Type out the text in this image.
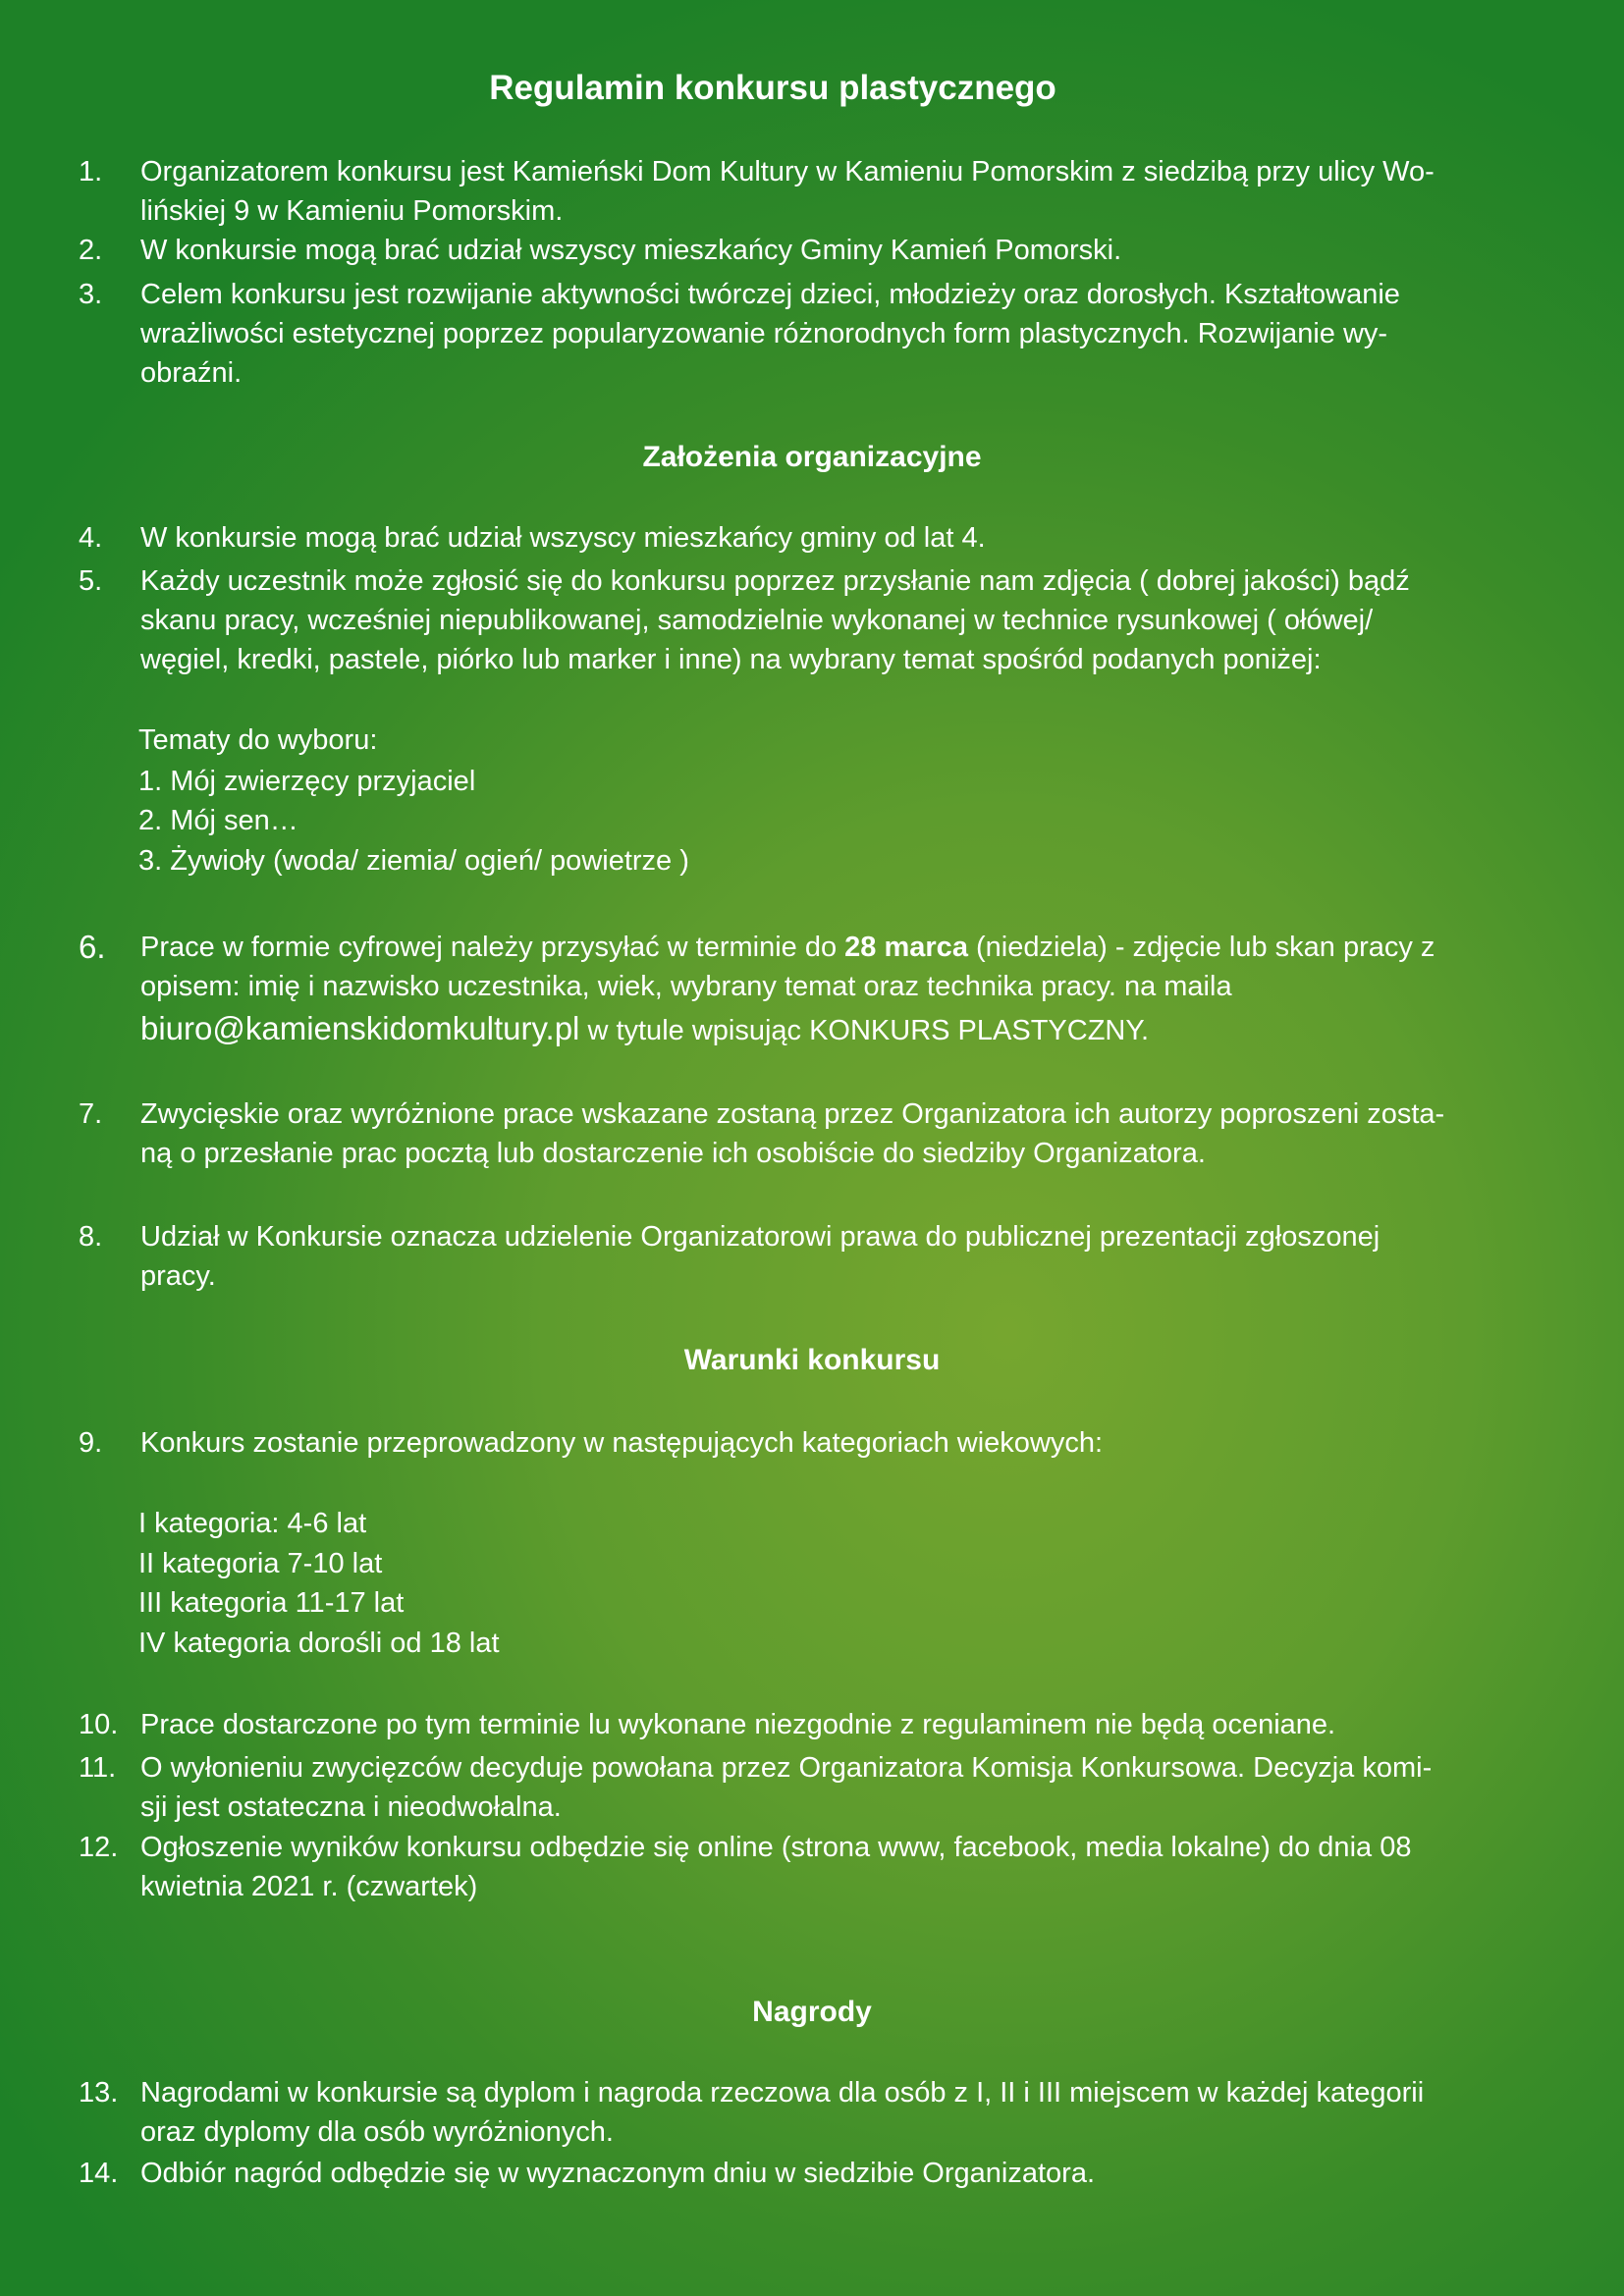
Regulamin konkursu plastycznego
1.	Organizatorem konkursu jest Kamieński Dom Kultury w Kamieniu Pomorskim z siedzibą przy ulicy Wo-
lińskiej 9 w Kamieniu Pomorskim.
2.	W konkursie mogą brać udział wszyscy mieszkańcy Gminy Kamień Pomorski.
3.	Celem konkursu jest rozwijanie aktywności twórczej dzieci, młodzieży oraz dorosłych. Kształtowanie
wrażliwości estetycznej poprzez popularyzowanie różnorodnych form plastycznych. Rozwijanie wy-
obraźni.
Założenia organizacyjne
4.	W konkursie mogą brać udział wszyscy mieszkańcy gminy od lat 4.
5.	Każdy uczestnik może zgłosić się do konkursu poprzez przysłanie nam zdjęcia ( dobrej jakości) bądź
skanu pracy, wcześniej niepublikowanej, samodzielnie wykonanej w technice rysunkowej ( ołówej/
węgiel, kredki, pastele, piórko lub marker i inne) na wybrany temat spośród podanych poniżej:
Tematy do wyboru:
1. Mój zwierzęcy przyjaciel
2. Mój sen…
3. Żywioły (woda/ ziemia/ ogień/ powietrze )
6.	Prace w formie cyfrowej należy przysyłać w terminie do 28 marca (niedziela) - zdjęcie lub skan pracy z
opisem: imię i nazwisko uczestnika, wiek, wybrany temat oraz technika pracy. na maila
biuro@kamienskidomkultury.pl w tytule wpisując KONKURS PLASTYCZNY.
7.	Zwycięskie oraz wyróżnione prace wskazane zostaną przez Organizatora ich autorzy poproszeni zosta-
ną o przesłanie prac pocztą lub dostarczenie ich osobiście do siedziby Organizatora.
8.	Udział w Konkursie oznacza udzielenie Organizatorowi prawa do publicznej prezentacji zgłoszonej
pracy.
Warunki konkursu
9.	Konkurs zostanie przeprowadzony w następujących kategoriach wiekowych:
I kategoria: 4-6 lat
II kategoria 7-10 lat
III kategoria 11-17 lat
IV kategoria dorośli od 18 lat
10. Prace dostarczone po tym terminie lu wykonane niezgodnie z regulaminem nie będą oceniane.
11. O wyłonieniu zwycięzców decyduje powołana przez Organizatora Komisja Konkursowa. Decyzja komi-
sji jest ostateczna i nieodwołalna.
12. Ogłoszenie wyników konkursu odbędzie się online (strona www, facebook, media lokalne) do dnia 08
kwietnia 2021 r. (czwartek)
Nagrody
13. Nagrodami w konkursie są dyplom i nagroda rzeczowa dla osób z I, II i III miejscem w każdej kategorii
oraz dyplomy dla osób wyróżnionych.
14. Odbiór nagród odbędzie się w wyznaczonym dniu w siedzibie Organizatora.
